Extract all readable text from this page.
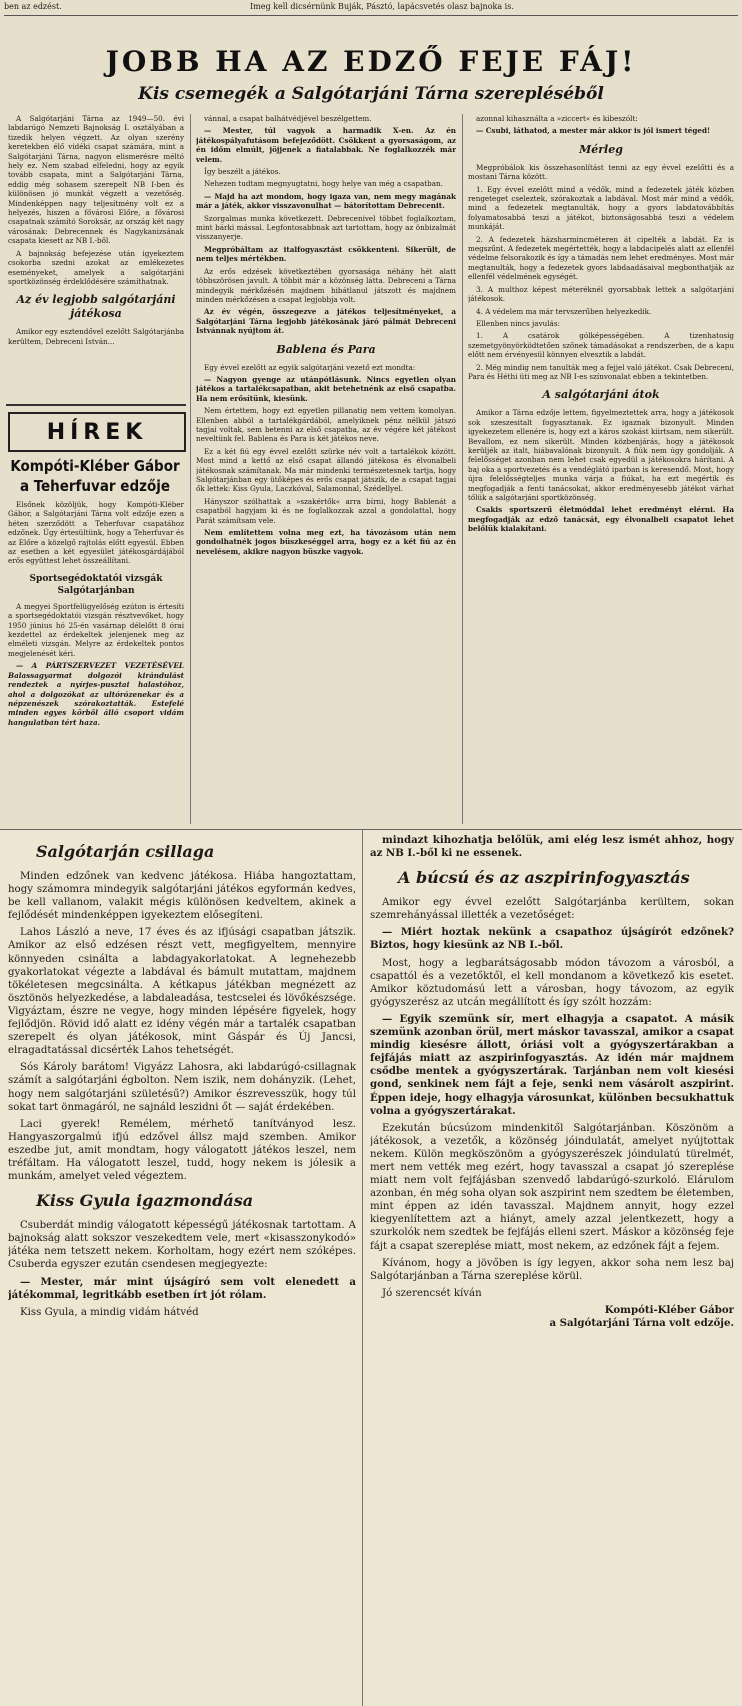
ben az edzést.	Imeg kell dicsérnünk Buják, Pásztó, lapácsvetés olasz bajnoka is.
JOBB HA AZ EDZŐ FEJE FÁJ!
Kis csemegék a Salgótarjáni Tárna szerepléséből

A Salgótarjáni Tárna az 1949—50. évi labdarúgó Nemzeti Bajnokság I. osztályában a tizedik helyen végzett. Az olyan szerény keretekben élő vidéki csapat számára, mint a Salgótarjáni Tárna, nagyon elismerésre méltó hely ez. Nem szabad elfeledni, hogy az egyik tovább csapata, mint a Salgótarjáni Tárna, eddig még sohasem szerepelt NB I-ben és különösen jó munkát végzett a vezetőség. Mindenképpen nagy teljesítmény volt ez a helyezés, hiszen a fővárosi Előre, a fővárosi csapatnak számító Soroksár, az ország két nagy városának: Debrecennek és Nagykanizsának csapata kiesett az NB I.-ből.

A bajnokság befejezése után igyekeztem csokorba szedni azokat az emlékezetes eseményeket, amelyek a salgótarjáni sportközönség érdeklődésére számíthatnak.

Az év legjobb salgótarjáni játékosa

Amikor egy esztendővel ezelőtt Salgótarjánba kerültem, Debreceni István...

HÍREK
Kompóti-Kléber Gábor a Teherfuvar edzője

Elsőnek közöljük, hogy Kompóti-Kléber Gábor, a Salgótarjáni Tárna volt edzője ezen a héten szerződött a Teherfuvar csapatához edzőnek. Úgy értesültünk, hogy a Teherfuvar és az Előre a közelgő rajtolás előtt egyesül. Ebben az esetben a két egyesület játékosgárdájából erős együttest lehet összeállítani.

Sportsegédoktatói vizsgák Salgótarjánban

A megyei Sportfelügyelőség ezúton is értesíti a sportsegédoktatói vizsgán résztvevőket, hogy 1950 június hó 25-én vasárnap délelőtt 8 órai kezdettel az érdekeltek jelenjenek meg az elméleti vizsgán. Melyre az érdekeltek pontos megjelenését kéri.

— A PÁRTSZERVEZET VEZETÉSÉVEL Balassagyarmat dolgozói kirándulást rendeztek a nyírjes-pusztai halastóhoz, ahol a dolgozókat az ultórózenekar és a népzenészek szórakoztatták. Estefelé minden egyes körből álló csoport vidám hangulatban tért haza.

vánnal, a csapat balhátvédjével beszélgettem.

— Mester, túl vagyok a harmadik X-en. Az én játékospályafutásom befejeződött. Csökkent a gyorsaságom, az én időm elmúlt, jöjjenek a fiatalabbak. Ne foglalkozzék már velem.

Így beszélt a játékos.

Nehezen tudtam megnyugtatni, hogy helye van még a csapatban.

— Majd ha azt mondom, hogy igaza van, nem megy magának már a játék, akkor visszavonulhat — bátorítottam Debrecenit.

Szorgalmas munka következett. Debrecenivel többet foglalkoztam, mint bárki mással. Legfontosabbnak azt tartottam, hogy az önbizalmát visszanyerje.

Megpróbáltam az italfogyasztást csökkenteni. Sikerült, de nem teljes mértékben.

Az erős edzések következtében gyorsasága néhány hét alatt többszörösen javult. A többit már a közönség látta. Debreceni a Tárna mindegyik mérkőzésén majdnem hibátlanul játszott és majdnem minden mérkőzésen a csapat legjobbja volt.

Az év végén, összegezve a játékos teljesítményeket, a Salgótarjáni Tárna legjobb játékosának járó pálmát Debreceni Istvánnak nyújtom át.

Bablena és Para

Egy évvel ezelőtt az egyik salgótarjáni vezető ezt mondta:

— Nagyon gyenge az utánpótlásunk. Nincs egyetlen olyan játékos a tartalékcsapatban, akit betehetnénk az első csapatba. Ha nem erősítünk, kiesünk.

Nem értettem, hogy ezt egyetlen pillanatig nem vettem komolyan. Ellenben abból a tartalékgárdából, amelyiknek pénz nélkül játszó tagjai voltak, sem betenni az első csapatba, az év végére két játékost neveltünk fel. Bablena és Para is két játékos neve.

Ez a két fiú egy évvel ezelőtt szürke név volt a tartalékok között. Most mind a kettő az első csapat állandó játékosa és élvonalbeli játékosnak számítanak. Ma már mindenki természetesnek tartja, hogy Salgótarjánban egy ütőképes és erős csapat játszik, de a csapat tagjai ők lettek: Kiss Gyula, Laczkóval, Salamonnal, Szédellyel.

Hányszor szólhattak a »szakértők« arra bírni, hogy Bablenát a csapatból hagyjam ki és ne foglalkozzak azzal a gondolattal, hogy Parát számítsam vele.

Nem említettem volna meg ezt, ha távozásom után nem gondolhatnék jogos büszkeséggel arra, hogy ez a két fiú az én nevelésem, akikre nagyon büszke vagyok.

azonnal kihasználta a »ziccert« és kibeszólt:

— Csubi, láthatod, a mester már akkor is jól ismert téged!

Mérleg

Megpróbálok kis összehasonlítást tenni az egy évvel ezelőtti és a mostani Tárna között.

1. Egy évvel ezelőtt mind a védők, mind a fedezetek játék közben rengeteget cseleztek, szórakoztak a labdával. Most már mind a védők, mind a fedezetek megtanulták, hogy a gyors labdatovábbítás folyamatosabbá teszi a játékot, biztonságosabbá teszi a védelem munkáját.

2. A fedezetek házsharmincméteren át cipelték a labdát. Ez is megszűnt. A fedezetek megértették, hogy a labdacipelés alatt az ellenfél védelme felsorakozik és így a támadás nem lehet eredményes. Most már megtanulták, hogy a fedezetek gyors labdaadásaival megbonthatják az ellenfél védelmének egységét.

3. A multhoz képest méteréknél gyorsabbak lettek a salgótarjáni játékosok.

4. A védelem ma már tervszerűben helyezkedik.

Ellenben nincs javulás:

1. A csatárok gólképességében. A tizenhatosig szemetgyönyörködtetően szőnek támadásokat a rendszerben, de a kapu előtt nem érvényesül könnyen elvesztik a labdát.

2. Még mindig nem tanulták meg a fejjel való játékot. Csak Debreceni, Para és Héthi üti meg az NB I-es színvonalat ebben a tekintetben.

A salgótarjáni átok

Amikor a Tárna edzője lettem, figyelmeztettek arra, hogy a játékosok sok szeszesitalt fogyasztanak. Ez igaznak bizonyult. Minden igyekezetem ellenére is, hogy ezt a káros szokást kiirtsam, nem sikerült. Bevallom, ez nem sikerült. Minden közbenjárás, hogy a játékosok kerüljék az italt, hiábavalónak bizonyult. A fiúk nem úgy gondolják. A felelősséget azonban nem lehet csak egyedül a játékosokra hárítani. A baj oka a sportvezetés és a vendéglátó iparban is keresendő. Most, hogy újra felelősségteljes munka várja a fiúkat, ha ezt megértik és megfogadják a fenti tanácsokat, akkor eredményesebb játékot várhat tőlük a salgótarjáni sportközönség.

Csakis sportszerű életmóddal lehet eredményt elérni. Ha megfogadják az edző tanácsát, egy élvonalbeli csapatot lehet belőlük kialakítani.

Salgótarján csillaga

Minden edzőnek van kedvenc játékosa. Hiába hangoztattam, hogy számomra mindegyik salgótarjáni játékos egyformán kedves, be kell vallanom, valakit mégis különösen kedveltem, akinek a fejlődését mindenképpen igyekeztem elősegíteni.

Lahos László a neve, 17 éves és az ifjúsági csapatban játszik. Amikor az első edzésen részt vett, megfigyeltem, mennyire könnyeden csinálta a labdagyakorlatokat. A legnehezebb gyakorlatokat végezte a labdával és bámult mutattam, majdnem tökéletesen megcsinálta. A kétkapus játékban megnézett az ösztönös helyezkedése, a labdaleadása, testcselei és lövőkészsége. Vigyáztam, észre ne vegye, hogy minden lépésére figyelek, hogy fejlődjön. Rövid idő alatt ez idény végén már a tartalék csapatban szerepelt és olyan játékosok, mint Gáspár és Új Jancsi, elragadtatással dicsérték Lahos tehetségét.

Sós Károly barátom! Vigyázz Lahosra, aki labdarúgó-csillagnak számít a salgótarjáni égbolton. Nem iszik, nem dohányzik. (Lehet, hogy nem salgótarjáni születésű?) Amikor észrevesszük, hogy túl sokat tart önmagáról, ne sajnáld leszidni őt — saját érdekében.

Laci gyerek! Remélem, mérhető tanítványod lesz. Hangyaszorgalmú ifjú edzővel állsz majd szemben. Amikor eszedbe jut, amit mondtam, hogy válogatott játékos leszel, nem tréfáltam. Ha válogatott leszel, tudd, hogy nekem is jólesik a munkám, amelyet veled végeztem.

Kiss Gyula igazmondása

Csuberdát mindig válogatott képességű játékosnak tartottam. A bajnokság alatt sokszor veszekedtem vele, mert «kisasszonykodó» játéka nem tetszett nekem. Korholtam, hogy ezért nem szóképes. Csuberda egyszer ezután csendesen megjegyezte:

— Mester, már mint újságíró sem volt elenedett a játékommal, legritkább esetben írt jót rólam.

Kiss Gyula, a mindig vidám hátvéd

mindazt kihozhatja belőlük, ami elég lesz ismét ahhoz, hogy az NB I.-ből ki ne essenek.

A búcsú és az aszpirinfogyasztás

Amikor egy évvel ezelőtt Salgótarjánba kerültem, sokan szemrehányással illették a vezetőséget:

— Miért hoztak nekünk a csapathoz újságírót edzőnek? Biztos, hogy kiesünk az NB I.-ből.

Most, hogy a legbarátságosabb módon távozom a városból, a csapattól és a vezetőktől, el kell mondanom a következő kis esetet. Amikor köztudomású lett a városban, hogy távozom, az egyik gyógyszerész az utcán megállított és így szólt hozzám:

— Egyik szemünk sír, mert elhagyja a csapatot. A másik szemünk azonban örül, mert máskor tavasszal, amikor a csapat mindig kiesésre állott, óriási volt a gyógyszertárakban a fejfájás miatt az aszpirinfogyasztás. Az idén már majdnem csődbe mentek a gyógyszertárak. Tarjánban nem volt kiesési gond, senkinek nem fájt a feje, senki nem vásárolt aszpirint. Éppen ideje, hogy elhagyja városunkat, különben becsukhattuk volna a gyógyszertárakat.

Ezekután búcsúzom mindenkitől Salgótarjánban. Köszönöm a játékosok, a vezetők, a közönség jóindulatát, amelyet nyújtottak nekem. Külön megköszönöm a gyógyszerészek jóindulatú türelmét, mert nem vették meg ezért, hogy tavasszal a csapat jó szereplése miatt nem volt fejfájásban szenvedő labdarúgó-szurkoló. Elárulom azonban, én még soha olyan sok aszpirint nem szedtem be életemben, mint éppen az idén tavasszal. Majdnem annyit, hogy ezzel kiegyenlítettem azt a hiányt, amely azzal jelentkezett, hogy a szurkolók nem szedtek be fejfájás elleni szert. Máskor a közönség feje fájt a csapat szereplése miatt, most nekem, az edzőnek fájt a fejem.

Kívánom, hogy a jövőben is így legyen, akkor soha nem lesz baj Salgótarjánban a Tárna szereplése körül.

Jó szerencsét kíván

Kompóti-Kléber Gábor
a Salgótarjáni Tárna volt edzője.
